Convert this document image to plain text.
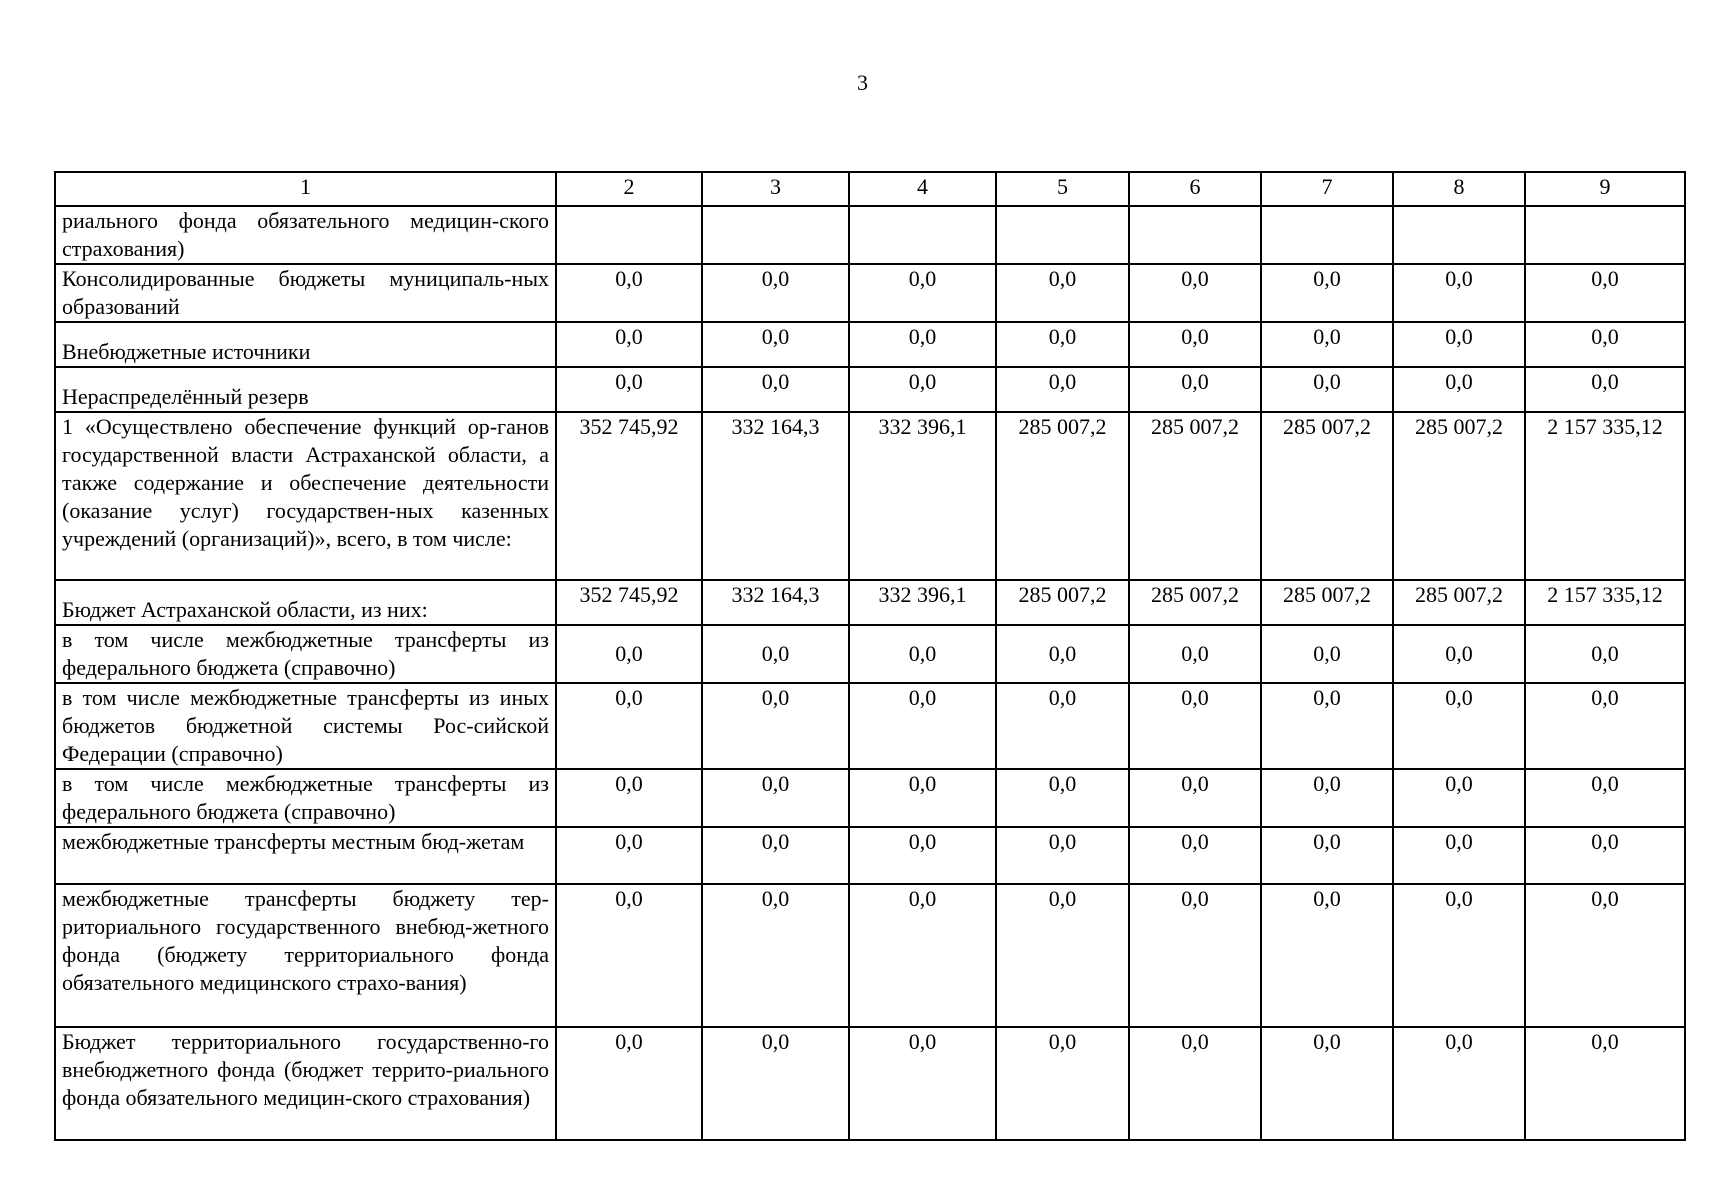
3
1	2	3	4	5	6	7	8	9
риального фонда обязательного медицин-ского страхования)								
Консолидированные бюджеты муниципаль-ных образований	0,0	0,0	0,0	0,0	0,0	0,0	0,0	0,0
Внебюджетные источники	0,0	0,0	0,0	0,0	0,0	0,0	0,0	0,0
Нераспределённый резерв	0,0	0,0	0,0	0,0	0,0	0,0	0,0	0,0
1 «Осуществлено обеспечение функций ор-ганов государственной власти Астраханской области, а также содержание и обеспечение деятельности (оказание услуг) государствен-ных казенных учреждений (организаций)», всего, в том числе:	352 745,92	332 164,3	332 396,1	285 007,2	285 007,2	285 007,2	285 007,2	2 157 335,12
Бюджет Астраханской области, из них:	352 745,92	332 164,3	332 396,1	285 007,2	285 007,2	285 007,2	285 007,2	2 157 335,12
в том числе межбюджетные трансферты из федерального бюджета (справочно)	0,0	0,0	0,0	0,0	0,0	0,0	0,0	0,0
в том числе межбюджетные трансферты из иных бюджетов бюджетной системы Рос-сийской Федерации (справочно)	0,0	0,0	0,0	0,0	0,0	0,0	0,0	0,0
в том числе межбюджетные трансферты из федерального бюджета (справочно)	0,0	0,0	0,0	0,0	0,0	0,0	0,0	0,0
межбюджетные трансферты местным бюд-жетам	0,0	0,0	0,0	0,0	0,0	0,0	0,0	0,0
межбюджетные трансферты бюджету тер-риториального государственного внебюд-жетного фонда (бюджету территориального фонда обязательного медицинского страхо-вания)	0,0	0,0	0,0	0,0	0,0	0,0	0,0	0,0
Бюджет территориального государственно-го внебюджетного фонда (бюджет террито-риального фонда обязательного медицин-ского страхования)	0,0	0,0	0,0	0,0	0,0	0,0	0,0	0,0
